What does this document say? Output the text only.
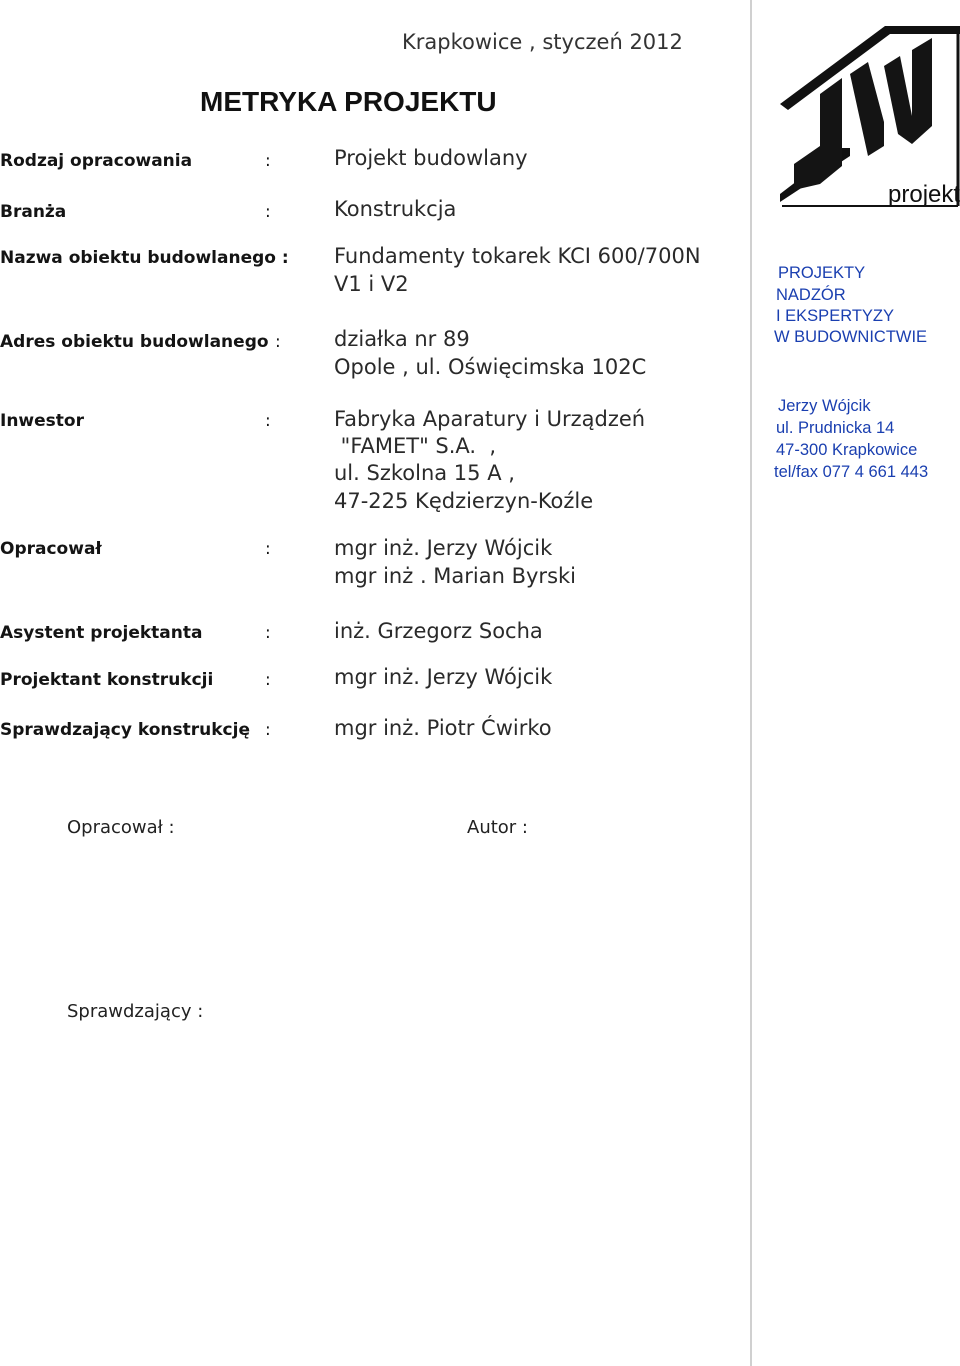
Krapkowice , styczeń 2012
METRYKA PROJEKTU
Rodzaj opracowania	:	Projekt budowlany
Branża	:	Konstrukcja
Nazwa obiektu budowlanego : Fundamenty tokarek KCI 600/700N
V1 i V2
Adres obiektu budowlanego :	działka nr 89
Opole , ul. Oświęcimska 102C
Inwestor	:	Fabryka Aparatury i Urządzeń
"FAMET" S.A.  ,
ul. Szkolna 15 A ,
47-225 Kędzierzyn-Koźle
Opracował	:	mgr inż. Jerzy Wójcik
mgr inż . Marian Byrski
Asystent projektanta	:	inż. Grzegorz Socha
Projektant konstrukcji	:	mgr inż. Jerzy Wójcik
Sprawdzający konstrukcję :	mgr inż. Piotr Ćwirko
Opracował :	Autor :
Sprawdzający :
projekt
PROJEKTY
NADZÓR
I EKSPERTYZY
W BUDOWNICTWIE
Jerzy Wójcik
ul. Prudnicka 14
47-300 Krapkowice
tel/fax 077 4 661 443
